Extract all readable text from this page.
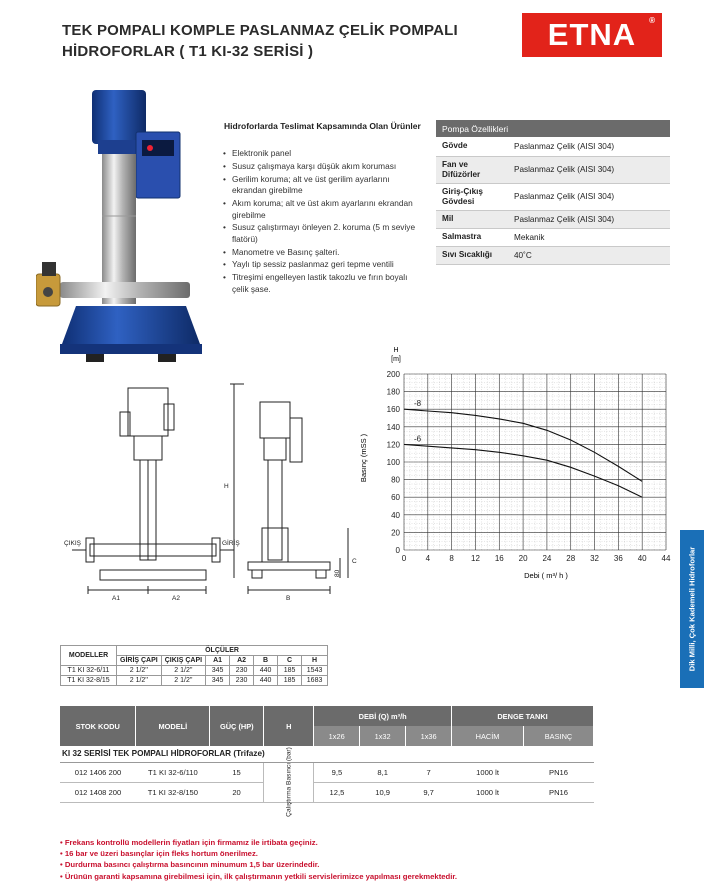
TEK POMPALI KOMPLE PASLANMAZ ÇELİK POMPALI
HİDROFORLAR ( T1 KI-32 SERİSİ )	ETNA ®
Hidroforlarda Teslimat Kapsamında Olan Ürünler
• Elektronik panel
• Susuz çalışmaya karşı düşük akım koruması
• Gerilim koruma; alt ve üst gerilim ayarlarını ekrandan girebilme
• Akım koruma; alt ve üst akım ayarlarını ekrandan girebilme
• Susuz çalıştırmayı önleyen 2. koruma (5 m seviye flatörü)
• Manometre ve Basınç şalteri.
• Yaylı tip sessiz paslanmaz geri tepme ventili
• Titreşimi engelleyen lastik takozlu ve fırın boyalı çelik şase.
Pompa Özellikleri	
Gövde	Paslanmaz Çelik (AISI 304)
Fan ve Difüzörler	Paslanmaz Çelik (AISI 304)
Giriş-Çıkış Gövdesi	Paslanmaz Çelik (AISI 304)
Mil	Paslanmaz Çelik (AISI 304)
Salmastra	Mekanik
Sıvı Sıcaklığı	40˚C
ÇIKIŞ	GİRİŞ
A1	A2	B
C
H
80
0 4 8 12 16 20 24 28 32 36 40 44
0
20
40
60
80
100
120
140
160
180
200
-8
-6
H
[m]
Basınç (mSS )
Debi ( m³/ h )	Dik Milli, Çok Kademeli Hidroforlar
MODELLER	ÖLÇÜLER						
	GİRİŞ ÇAPI	ÇIKIŞ ÇAPI	A1	A2	B	C	H
T1 KI 32-6/11	2 1/2''	2 1/2''	345	230	440	185	1543
T1 KI 32-8/15	2 1/2''	2 1/2''	345	230	440	185	1683
STOK KODU	MODELİ	GÜÇ (HP)	H	DEBİ (Q) m³/h			DENGE TANKI	
				1x26	1x32	1x36	HACİM	BASINÇ
KI 32 SERİSİ TEK POMPALI HİDROFORLAR (Trifaze)								
012 1406 200	T1 KI 32-6/110	15	Çalıştırma Basıncı (bar)	9,5	8,1	7	1000 lt	PN16
012 1408 200	T1 KI 32-8/150	20		12,5	10,9	9,7	1000 lt	PN16
• Frekans kontrollü modellerin fiyatları için firmamız ile irtibata geçiniz.
• 16 bar ve üzeri basınçlar için fleks hortum önerilmez.
• Durdurma basıncı çalıştırma basıncının minumum 1,5 bar üzerindedir.
• Ürünün garanti kapsamına girebilmesi için, ilk çalıştırmanın yetkili servislerimizce yapılması gerekmektedir.
